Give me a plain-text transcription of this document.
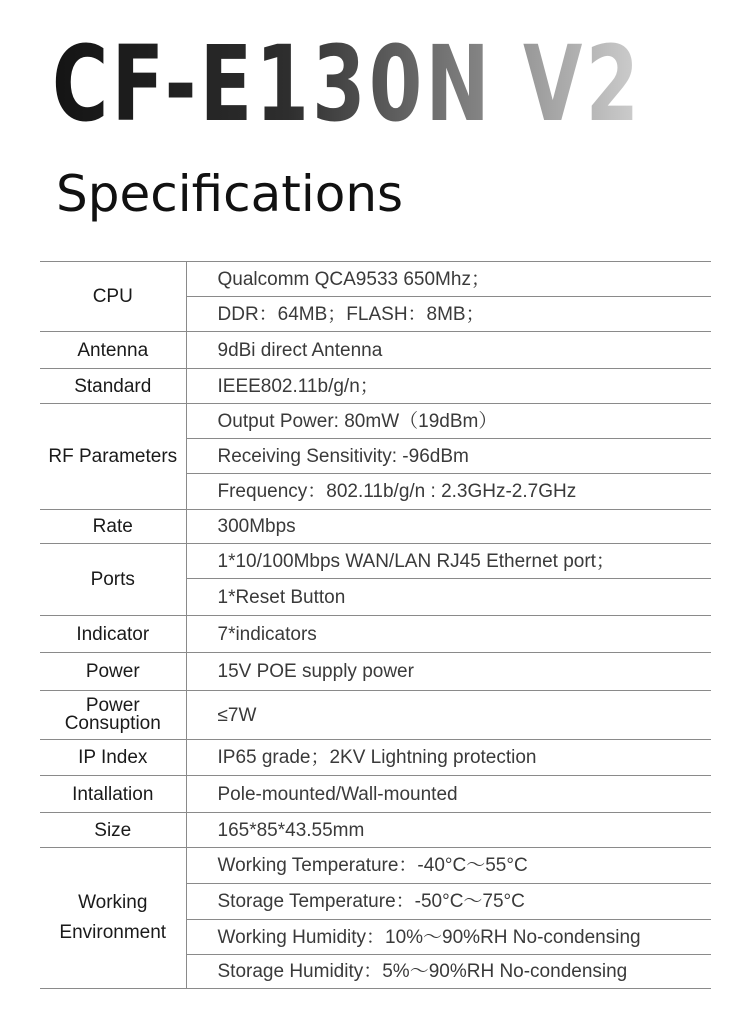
CF-E130N V2
Specifications
CPU	Qualcomm QCA9533 650Mhz；
	DDR：64MB；FLASH：8MB；

Antenna	9dBi direct Antenna

Standard	IEEE802.11b/g/n；

RF Parameters	Output Power: 80mW（19dBm）
	Receiving Sensitivity: -96dBm
	Frequency：802.11b/g/n : 2.3GHz-2.7GHz

Rate	300Mbps

Ports	1*10/100Mbps WAN/LAN RJ45 Ethernet port；
	1*Reset Button

Indicator	7*indicators

Power	15V POE supply power

Power
Consuption	≤7W

IP Index	IP65 grade；2KV Lightning protection

Intallation	Pole-mounted/Wall-mounted

Size	165*85*43.55mm

Working
Environment	Working Temperature：-40°C～55°C
	Storage Temperature：-50°C～75°C
	Working Humidity：10%～90%RH No-condensing
	Storage Humidity：5%～90%RH No-condensing
